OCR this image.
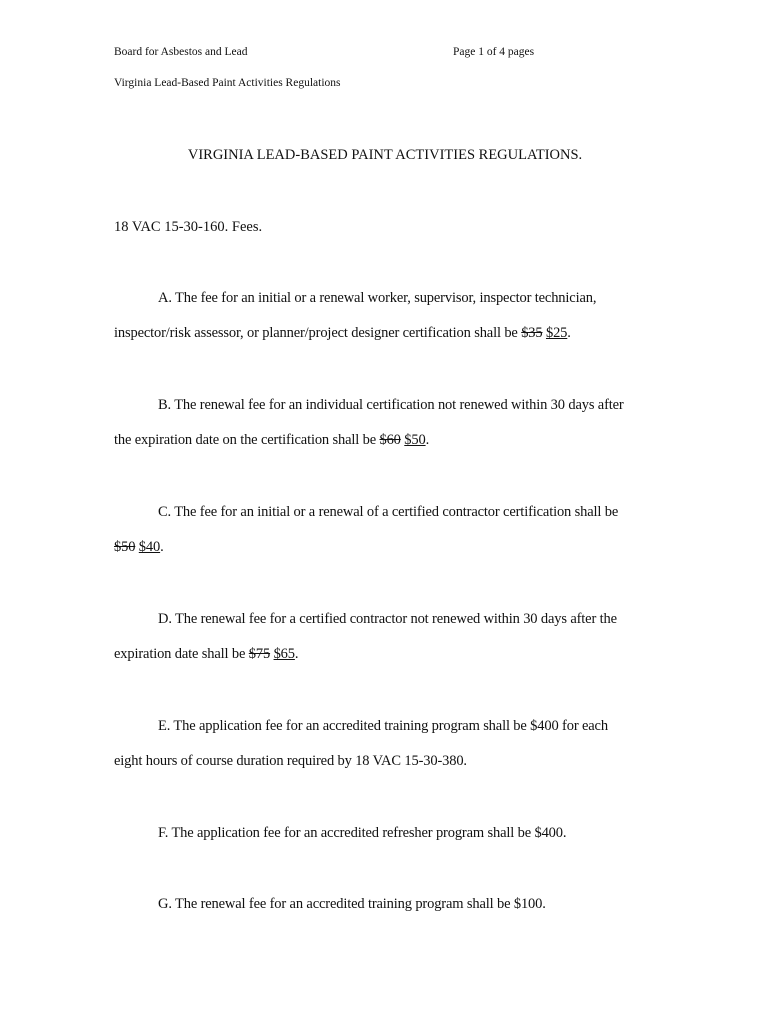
Board for Asbestos and Lead	Page 1 of 4 pages
Virginia Lead-Based Paint Activities Regulations
VIRGINIA LEAD-BASED PAINT ACTIVITIES REGULATIONS.
18 VAC 15-30-160. Fees.
A. The fee for an initial or a renewal worker, supervisor, inspector technician,
inspector/risk assessor, or planner/project designer certification shall be $35 $25.
B. The renewal fee for an individual certification not renewed within 30 days after
the expiration date on the certification shall be $60 $50.
C. The fee for an initial or a renewal of a certified contractor certification shall be
$50 $40.
D. The renewal fee for a certified contractor not renewed within 30 days after the
expiration date shall be $75 $65.
E. The application fee for an accredited training program shall be $400 for each
eight hours of course duration required by 18 VAC 15-30-380.
F. The application fee for an accredited refresher program shall be $400.
G. The renewal fee for an accredited training program shall be $100.
